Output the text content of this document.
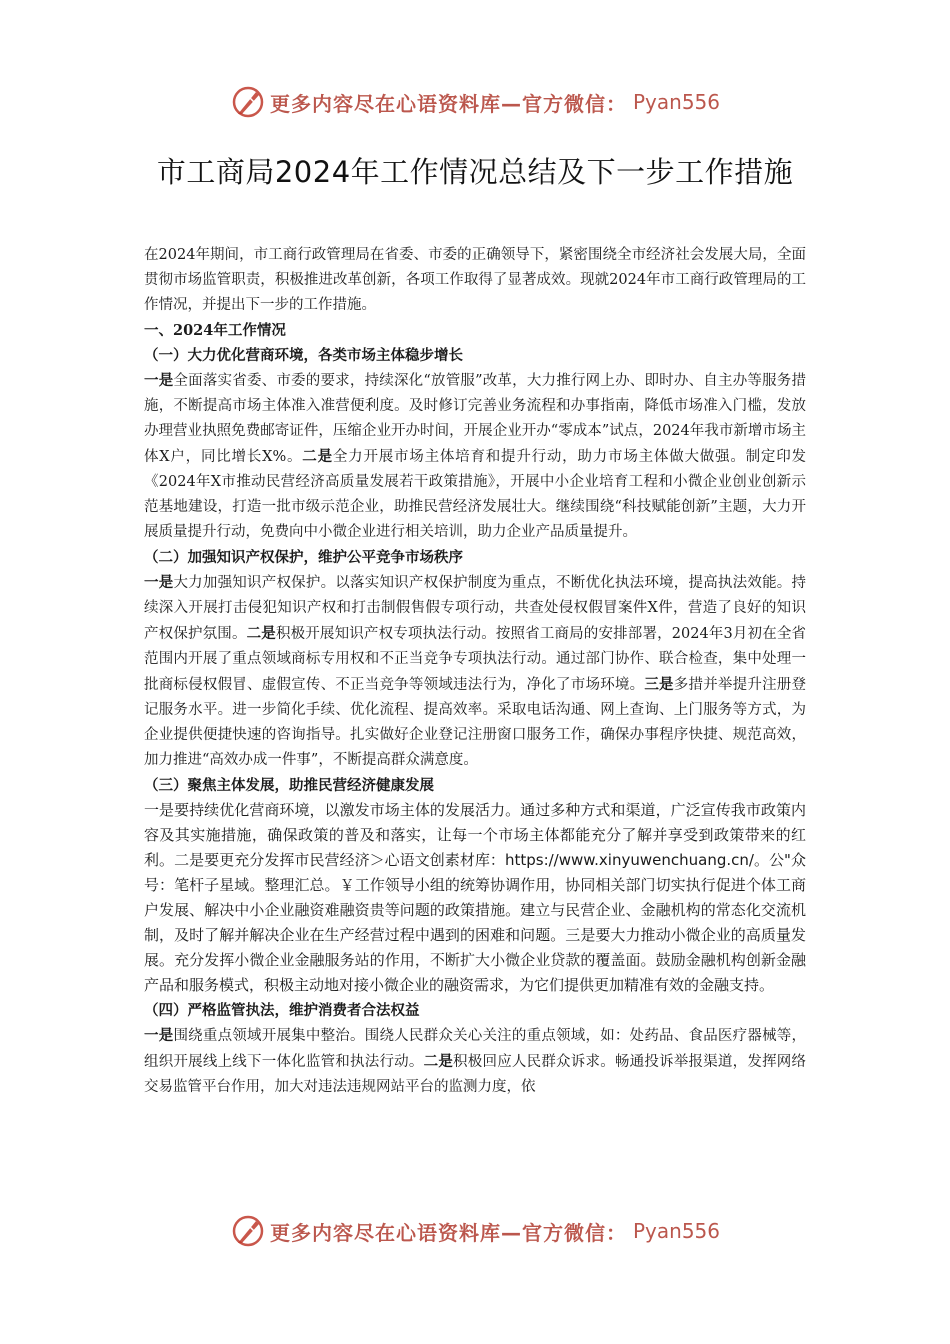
更多内容尽在心语资料库—官方微信： Pyan556
市工商局2024年工作情况总结及下一步工作措施

在2024年期间，市工商行政管理局在省委、市委的正确领导下，紧密围绕全市经济社会发展大局，全面贯彻市场监管职责，积极推进改革创新，各项工作取得了显著成效。现就2024年市工商行政管理局的工作情况，并提出下一步的工作措施。

一、2024年工作情况

（一）大力优化营商环境，各类市场主体稳步增长

一是全面落实省委、市委的要求，持续深化“放管服”改革，大力推行网上办、即时办、自主办等服务措施，不断提高市场主体准入准营便利度。及时修订完善业务流程和办事指南，降低市场准入门槛，发放办理营业执照免费邮寄证件，压缩企业开办时间，开展企业开办“零成本”试点，2024年我市新增市场主体X户，同比增长X%。二是全力开展市场主体培育和提升行动，助力市场主体做大做强。制定印发《2024年X市推动民营经济高质量发展若干政策措施》，开展中小企业培育工程和小微企业创业创新示范基地建设，打造一批市级示范企业，助推民营经济发展壮大。继续围绕“科技赋能创新”主题，大力开展质量提升行动，免费向中小微企业进行相关培训，助力企业产品质量提升。

（二）加强知识产权保护，维护公平竞争市场秩序

一是大力加强知识产权保护。以落实知识产权保护制度为重点，不断优化执法环境，提高执法效能。持续深入开展打击侵犯知识产权和打击制假售假专项行动，共查处侵权假冒案件X件，营造了良好的知识产权保护氛围。二是积极开展知识产权专项执法行动。按照省工商局的安排部署，2024年3月初在全省范围内开展了重点领域商标专用权和不正当竞争专项执法行动。通过部门协作、联合检查，集中处理一批商标侵权假冒、虚假宣传、不正当竞争等领域违法行为，净化了市场环境。三是多措并举提升注册登记服务水平。进一步简化手续、优化流程、提高效率。采取电话沟通、网上查询、上门服务等方式，为企业提供便捷快速的咨询指导。扎实做好企业登记注册窗口服务工作，确保办事程序快捷、规范高效，加力推进“高效办成一件事”，不断提高群众满意度。

（三）聚焦主体发展，助推民营经济健康发展

一是要持续优化营商环境，以激发市场主体的发展活力。通过多种方式和渠道，广泛宣传我市政策内容及其实施措施，确保政策的普及和落实，让每一个市场主体都能充分了解并享受到政策带来的红利。二是要更充分发挥市民营经济＞心语文创素材库：https://www.xinyuwenchuang.cn/。公"众号：笔杆子星域。整理汇总。￥工作领导小组的统筹协调作用，协同相关部门切实执行促进个体工商户发展、解决中小企业融资难融资贵等问题的政策措施。建立与民营企业、金融机构的常态化交流机制，及时了解并解决企业在生产经营过程中遇到的困难和问题。三是要大力推动小微企业的高质量发展。充分发挥小微企业金融服务站的作用，不断扩大小微企业贷款的覆盖面。鼓励金融机构创新金融产品和服务模式，积极主动地对接小微企业的融资需求，为它们提供更加精准有效的金融支持。

（四）严格监管执法，维护消费者合法权益

一是围绕重点领域开展集中整治。围绕人民群众关心关注的重点领域，如：处药品、食品医疗器械等，组织开展线上线下一体化监管和执法行动。二是积极回应人民群众诉求。畅通投诉举报渠道，发挥网络交易监管平台作用，加大对违法违规网站平台的监测力度，依

更多内容尽在心语资料库—官方微信： Pyan556
